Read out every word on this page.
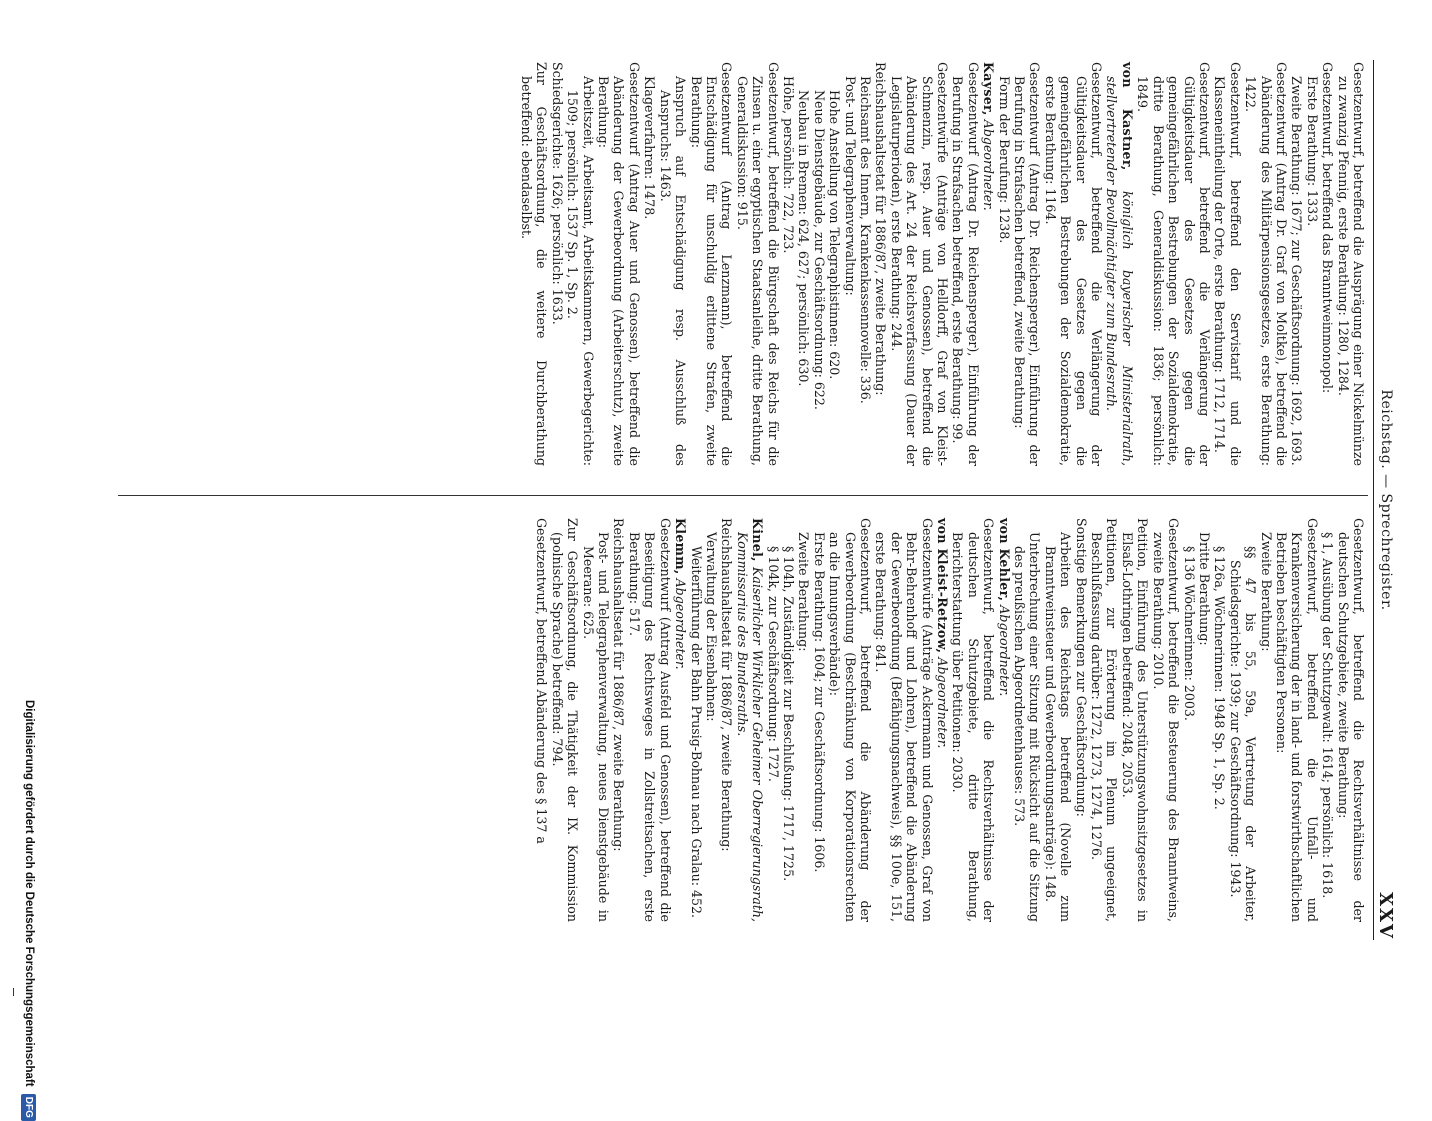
Reichstag. — Sprechregister.
XXV

Gesetzentwurf, betreffend die Ausprägung einer Nickelmünze zu zwanzig Pfennig, erste Berathung: 1280, 1284.

Gesetzentwurf, betreffend das Branntweinmonopol:

Erste Berathung: 1333.

Zweite Berathung: 1677; zur Geschäftsordnung: 1692, 1693.

Gesetzentwurf (Antrag Dr. Graf von Moltke), betreffend die Abänderung des Militärpensionsgesetzes, erste Berathung: 1422.

Gesetzentwurf, betreffend den Servistarif und die Klasseneintheilung der Orte, erste Berathung: 1712, 1714.

Gesetzentwurf, betreffend die Verlängerung der Gültigkeitsdauer des Gesetzes gegen die gemeingefährlichen Bestrebungen der Sozialdemokratie, dritte Berathung, Generaldiskussion: 1836; persönlich: 1849.

von Kastner, königlich bayerischer Ministerialrath, stellvertretender Bevollmächtigter zum Bundesrath.

Gesetzentwurf, betreffend die Verlängerung der Gültigkeitsdauer des Gesetzes gegen die gemeingefährlichen Bestrebungen der Sozialdemokratie, erste Berathung: 1164.

Gesetzentwurf (Antrag Dr. Reichensperger), Einführung der Berufung in Strafsachen betreffend, zweite Berathung:

Form der Berufung: 1238.

Kayser, Abgeordneter.

Gesetzentwurf (Antrag Dr. Reichensperger), Einführung der Berufung in Strafsachen betreffend, erste Berathung: 99.

Gesetzentwürfe (Anträge von Helldorff, Graf von Kleist-Schmenzin, resp. Auer und Genossen), betreffend die Abänderung des Art. 24 der Reichsverfassung (Dauer der Legislaturperioden), erste Berathung: 244.

Reichshaushaltsetat für 1886/87, zweite Berathung:

Reichsamt des Innern, Krankenkassennovelle: 336.

Post- und Telegraphenverwaltung:

Hohe Anstellung von Telegraphistinnen: 620.

Neue Dienstgebäude, zur Geschäftsordnung: 622.

Neubau in Bremen: 624, 627; persönlich: 630.

Höhe, persönlich: 722, 723.

Gesetzentwurf, betreffend die Bürgschaft des Reichs für die Zinsen u. einer egyptischen Staatsanleihe, dritte Berathung, Generaldiskussion: 915.

Gesetzentwurf (Antrag Lenzmann), betreffend die Entschädigung für unschuldig erlittene Strafen, zweite Berathung:

Anspruch auf Entschädigung resp. Ausschluß des Anspruchs: 1463.

Klageverfahren: 1478.

Gesetzentwurf (Antrag Auer und Genossen), betreffend die Abänderung der Gewerbeordnung (Arbeiterschutz), zweite Berathung:

Arbeitszeit, Arbeitsamt, Arbeitskammern, Gewerbegerichte: 1509; persönlich: 1537 Sp. 1, Sp. 2.

Schiedsgerichte: 1626; persönlich: 1633.

Zur Geschäftsordnung, die weitere Durchberathung betreffend: ebendaselbst.

Gesetzentwurf, betreffend die Rechtsverhältnisse der deutschen Schutzgebiete, zweite Berathung:

§ 1, Ausübung der Schutzgewalt: 1614; persönlich: 1618.

Gesetzentwurf, betreffend die Unfall- und Krankenversicherung der in land- und forstwirthschaftlichen Betrieben beschäftigten Personen:

Zweite Berathung:

§§ 47 bis 55, 59a, Vertretung der Arbeiter, Schiedsgerichte: 1939; zur Geschäftsordnung: 1943.

§ 126a, Wöchnerinnen: 1948 Sp. 1, Sp. 2.

Dritte Berathung:

§ 136 Wöchnerinnen: 2003.

Gesetzentwurf, betreffend die Besteuerung des Branntweins, zweite Berathung: 2010.

Petition, Einführung des Unterstützungswohnsitzgesetzes in Elsaß-Lothringen betreffend: 2048, 2053.

Petitionen, zur Erörterung im Plenum ungeeignet, Beschlußfassung darüber: 1272, 1273, 1274, 1276.

Sonstige Bemerkungen zur Geschäftsordnung:

Arbeiten des Reichstags betreffend (Novelle zum Branntweinsteuer und Gewerbeordnungsanträge): 148.

Unterbrechung einer Sitzung mit Rücksicht auf die Sitzung des preußischen Abgeordnetenhauses: 573.

von Kehler, Abgeordneter.

Gesetzentwurf, betreffend die Rechtsverhältnisse der deutschen Schutzgebiete, dritte Berathung, Berichterstattung über Petitionen: 2030.

von Kleist-Retzow, Abgeordneter.

Gesetzentwürfe (Anträge Ackermann und Genossen, Graf von Behr-Behrenhoff und Lohren), betreffend die Abänderung der Gewerbeordnung (Befähigungsnachweis), §§ 100e, 151, erste Berathung: 841.

Gesetzentwurf, betreffend die Abänderung der Gewerbeordnung (Beschränkung von Korporationsrechten an die Innungsverbände):

Erste Berathung: 1604; zur Geschäftsordnung: 1606.

Zweite Berathung:

§ 104h, Zuständigkeit zur Beschlußung: 1717, 1725.

§ 104k, zur Geschäftsordnung: 1727.

Kinel, Kaiserlicher Wirklicher Geheimer Oberregierungsrath, Kommissarius des Bundesraths.

Reichshaushaltsetat für 1886/87, zweite Berathung:

Verwaltung der Eisenbahnen:

Weiterführung der Bahn Prusig-Bohnau nach Gralau: 452.

Klemm, Abgeordneter.

Gesetzentwurf (Antrag Ausfeld und Genossen), betreffend die Beseitigung des Rechtsweges in Zollstreitsachen, erste Berathung: 517.

Reichshaushaltsetat für 1886/87, zweite Berathung:

Post- und Telegraphenverwaltung, neues Dienstgebäude in Meerane: 625.

Zur Geschäftsordnung, die Thätigkeit der IX. Kommission (polnische Sprache) betreffend: 794.

Gesetzentwurf, betreffend Abänderung des § 137 a

Digitalisierung gefördert durch die Deutsche Forschungsgemeinschaft DFG
